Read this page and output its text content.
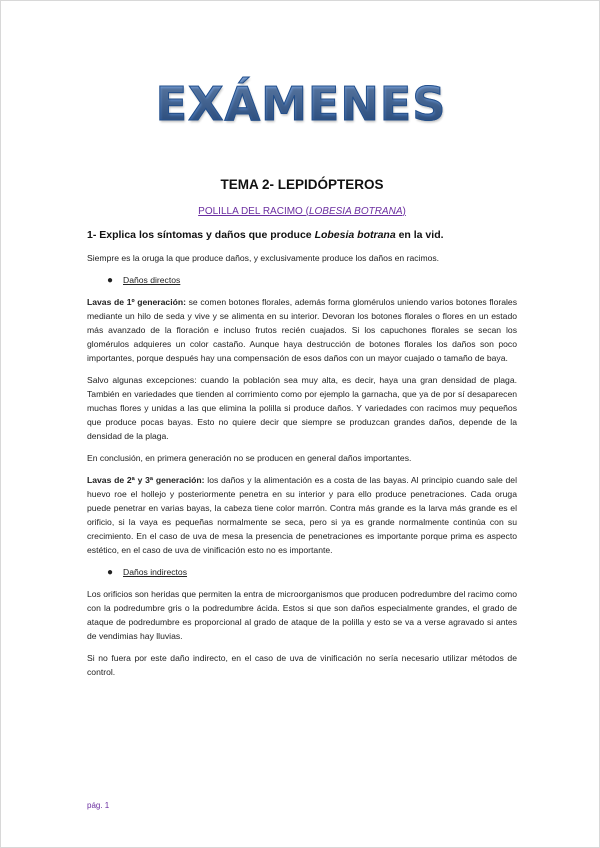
EXÁMENES
TEMA 2- LEPIDÓPTEROS
POLILLA DEL RACIMO (LOBESIA BOTRANA)
1- Explica los síntomas y daños que produce Lobesia botrana en la vid.

Siempre es la oruga la que produce daños, y exclusivamente produce los daños en racimos.

●	Daños directos

Lavas de 1º generación: se comen botones florales, además forma glomérulos uniendo varios botones florales mediante un hilo de seda y vive y se alimenta en su interior. Devoran los botones florales o flores en un estado más avanzado de la floración e incluso frutos recién cuajados. Si los capuchones florales se secan los glomérulos adquieres un color castaño. Aunque haya destrucción de botones florales los daños son poco importantes, porque después hay una compensación de esos daños con un mayor cuajado o tamaño de baya.

Salvo algunas excepciones: cuando la población sea muy alta, es decir, haya una gran densidad de plaga. También en variedades que tienden al corrimiento como por ejemplo la garnacha, que ya de por sí desaparecen muchas flores y unidas a las que elimina la polilla si produce daños. Y variedades con racimos muy pequeños que produce pocas bayas. Esto no quiere decir que siempre se produzcan grandes daños, depende de la densidad de la plaga.

En conclusión, en primera generación no se producen en general daños importantes.

Lavas de 2ª y 3ª generación: los daños y la alimentación es a costa de las bayas. Al principio cuando sale del huevo roe el hollejo y posteriormente penetra en su interior y para ello produce penetraciones. Cada oruga puede penetrar en varias bayas, la cabeza tiene color marrón. Contra más grande es la larva más grande es el orificio, si la vaya es pequeñas normalmente se seca, pero si ya es grande normalmente continúa con su crecimiento. En el caso de uva de mesa la presencia de penetraciones es importante porque prima es aspecto estético, en el caso de uva de vinificación esto no es importante.

●	Daños indirectos

Los orificios son heridas que permiten la entra de microorganismos que producen podredumbre del racimo como con la podredumbre gris o la podredumbre ácida. Estos si que son daños especialmente grandes, el grado de ataque de podredumbre es proporcional al grado de ataque de la polilla y esto se va a verse agravado si antes de vendimias hay lluvias.

Si no fuera por este daño indirecto, en el caso de uva de vinificación no sería necesario utilizar métodos de control.

pág. 1
